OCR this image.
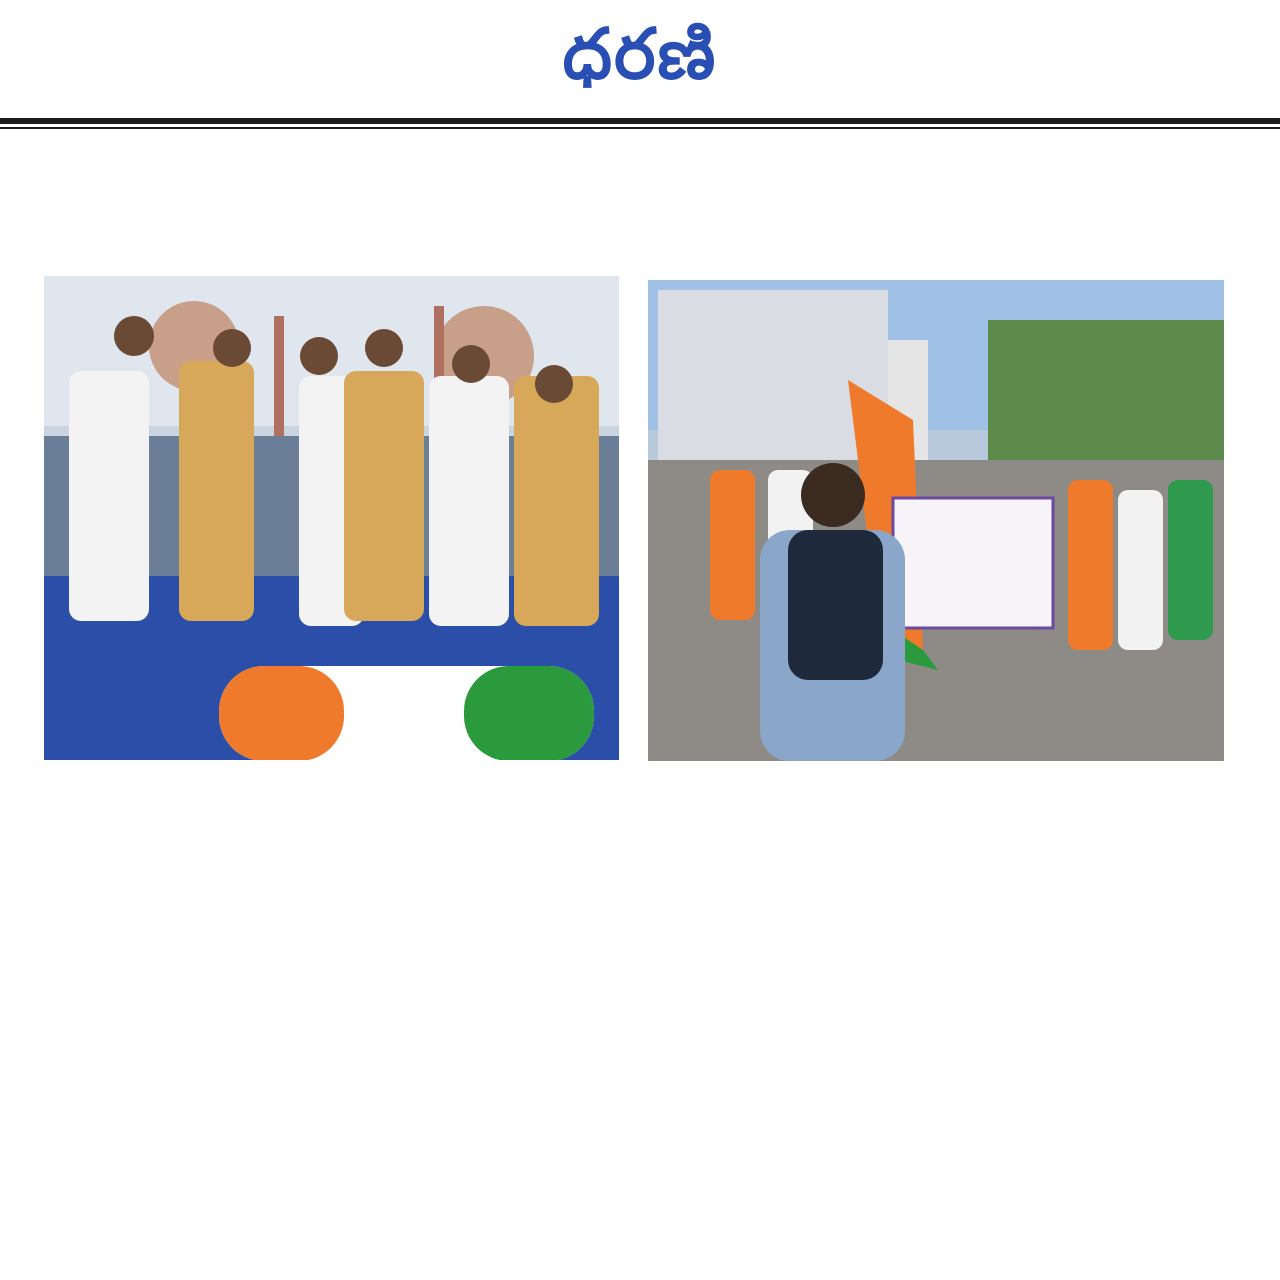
ధరణి
